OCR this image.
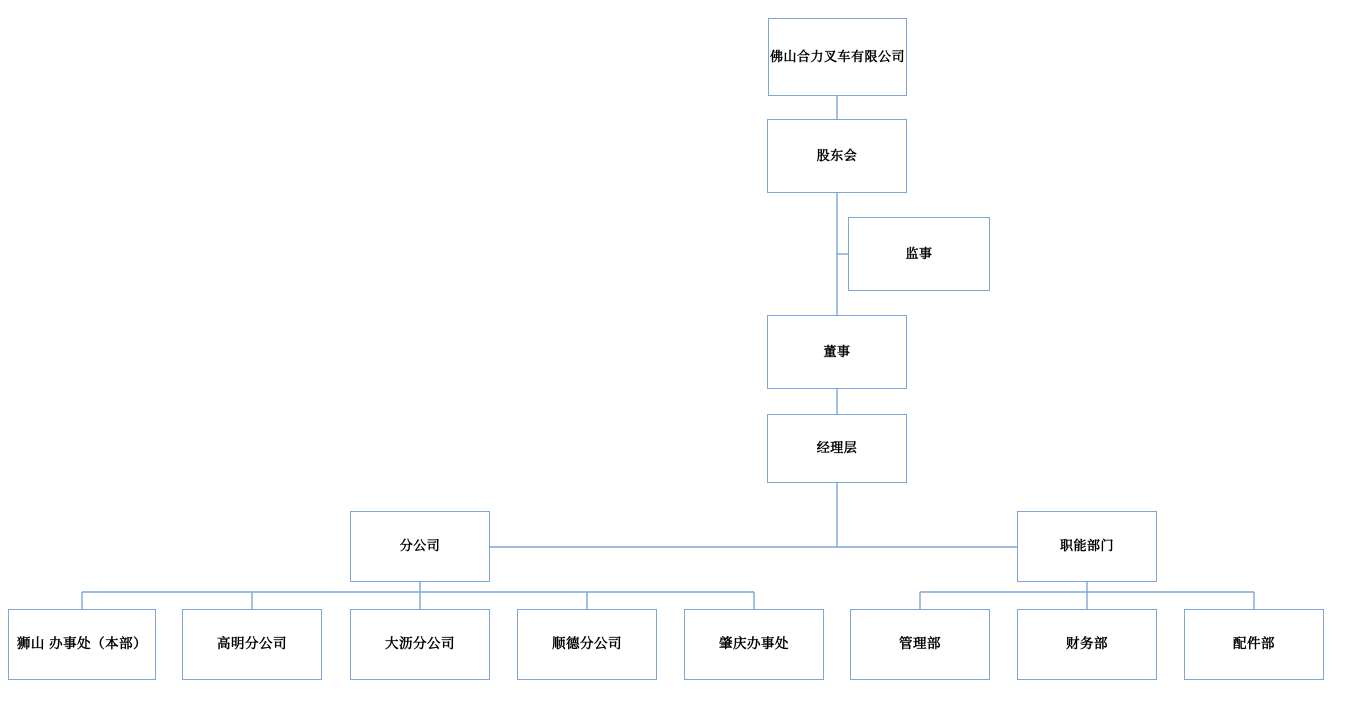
佛山合力叉车有限公司
股东会
监事
董事
经理层
分公司	职能部门
狮山 办事处（本部）	高明分公司	大沥分公司	顺德分公司	肇庆办事处	管理部	财务部	配件部
